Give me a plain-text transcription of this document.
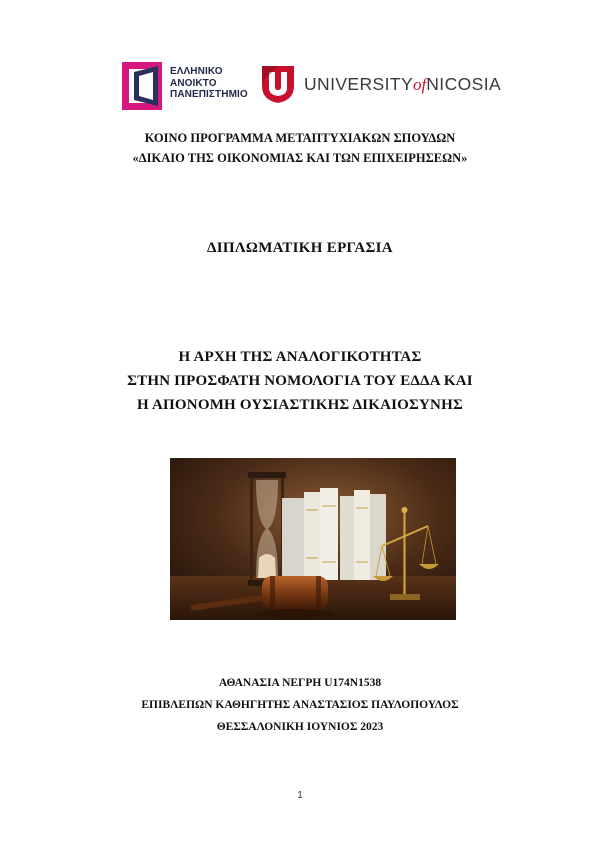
ΕΛΛΗΝΙΚΟ
ΑΝΟΙΚΤΟ
ΠΑΝΕΠΙΣΤΗΜΙΟ
UNIVERSITYofNICOSIA
ΚΟΙΝΟ ΠΡΟΓΡΑΜΜΑ ΜΕΤΑΠΤΥΧΙΑΚΩΝ ΣΠΟΥΔΩΝ
«ΔΙΚΑΙΟ ΤΗΣ ΟΙΚΟΝΟΜΙΑΣ ΚΑΙ ΤΩΝ ΕΠΙΧΕΙΡΗΣΕΩΝ»
ΔΙΠΛΩΜΑΤΙΚΗ ΕΡΓΑΣΙΑ
Η ΑΡΧΗ ΤΗΣ ΑΝΑΛΟΓΙΚΟΤΗΤΑΣ
ΣΤΗΝ ΠΡΟΣΦΑΤΗ ΝΟΜΟΛΟΓΙΑ ΤΟΥ ΕΔΔΑ ΚΑΙ
Η ΑΠΟΝΟΜΗ ΟΥΣΙΑΣΤΙΚΗΣ ΔΙΚΑΙΟΣΥΝΗΣ
ΑΘΑΝΑΣΙΑ ΝΕΓΡΗ U174N1538
ΕΠΙΒΛΕΠΩΝ ΚΑΘΗΓΗΤΗΣ ΑΝΑΣΤΑΣΙΟΣ ΠΑΥΛΟΠΟΥΛΟΣ
ΘΕΣΣΑΛΟΝΙΚΗ ΙΟΥΝΙΟΣ 2023
1
